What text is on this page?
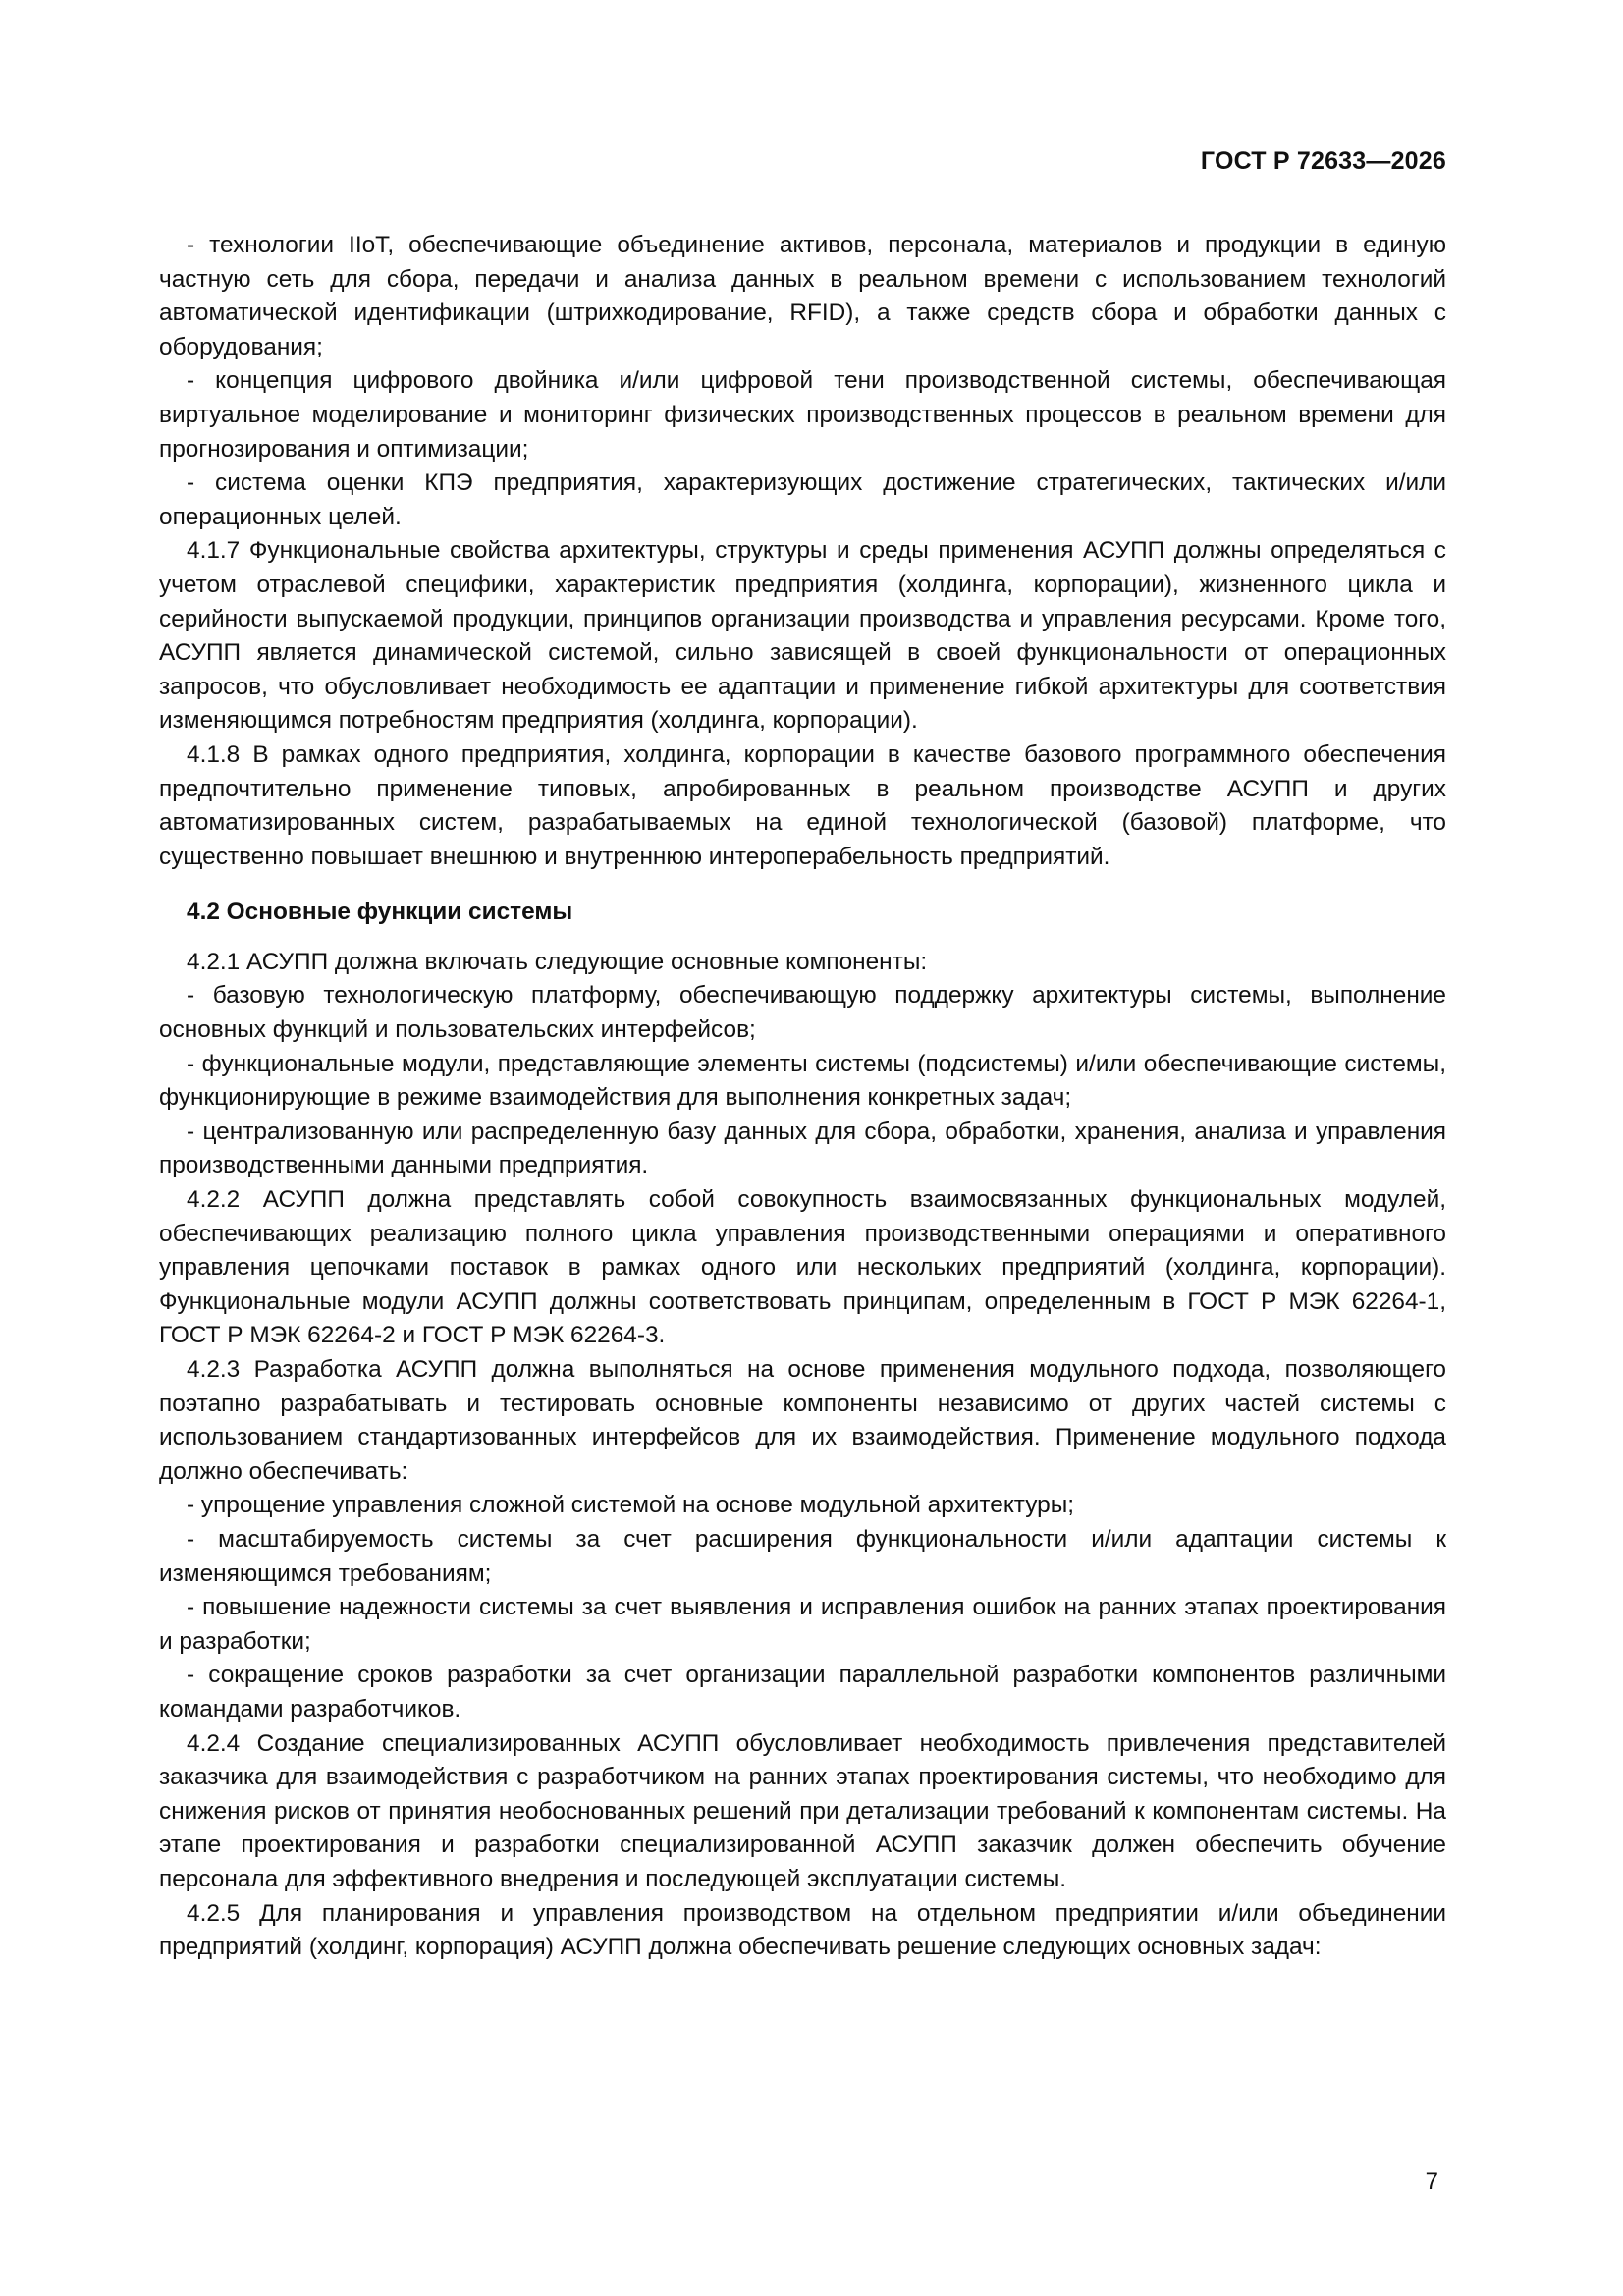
ГОСТ Р 72633—2026

- технологии IIoT, обеспечивающие объединение активов, персонала, материалов и продукции в единую частную сеть для сбора, передачи и анализа данных в реальном времени с использованием технологий автоматической идентификации (штрихкодирование, RFID), а также средств сбора и обработки данных с оборудования;

- концепция цифрового двойника и/или цифровой тени производственной системы, обеспечивающая виртуальное моделирование и мониторинг физических производственных процессов в реальном времени для прогнозирования и оптимизации;

- система оценки КПЭ предприятия, характеризующих достижение стратегических, тактических и/или операционных целей.

4.1.7 Функциональные свойства архитектуры, структуры и среды применения АСУПП должны определяться с учетом отраслевой специфики, характеристик предприятия (холдинга, корпорации), жизненного цикла и серийности выпускаемой продукции, принципов организации производства и управления ресурсами. Кроме того, АСУПП является динамической системой, сильно зависящей в своей функциональности от операционных запросов, что обусловливает необходимость ее адаптации и применение гибкой архитектуры для соответствия изменяющимся потребностям предприятия (холдинга, корпорации).

4.1.8 В рамках одного предприятия, холдинга, корпорации в качестве базового программного обеспечения предпочтительно применение типовых, апробированных в реальном производстве АСУПП и других автоматизированных систем, разрабатываемых на единой технологической (базовой) платформе, что существенно повышает внешнюю и внутреннюю интероперабельность предприятий.

4.2 Основные функции системы

4.2.1 АСУПП должна включать следующие основные компоненты:

- базовую технологическую платформу, обеспечивающую поддержку архитектуры системы, выполнение основных функций и пользовательских интерфейсов;

- функциональные модули, представляющие элементы системы (подсистемы) и/или обеспечивающие системы, функционирующие в режиме взаимодействия для выполнения конкретных задач;

- централизованную или распределенную базу данных для сбора, обработки, хранения, анализа и управления производственными данными предприятия.

4.2.2 АСУПП должна представлять собой совокупность взаимосвязанных функциональных модулей, обеспечивающих реализацию полного цикла управления производственными операциями и оперативного управления цепочками поставок в рамках одного или нескольких предприятий (холдинга, корпорации). Функциональные модули АСУПП должны соответствовать принципам, определенным в ГОСТ Р МЭК 62264-1, ГОСТ Р МЭК 62264-2 и ГОСТ Р МЭК 62264-3.

4.2.3 Разработка АСУПП должна выполняться на основе применения модульного подхода, позволяющего поэтапно разрабатывать и тестировать основные компоненты независимо от других частей системы с использованием стандартизованных интерфейсов для их взаимодействия. Применение модульного подхода должно обеспечивать:

- упрощение управления сложной системой на основе модульной архитектуры;

- масштабируемость системы за счет расширения функциональности и/или адаптации системы к изменяющимся требованиям;

- повышение надежности системы за счет выявления и исправления ошибок на ранних этапах проектирования и разработки;

- сокращение сроков разработки за счет организации параллельной разработки компонентов различными командами разработчиков.

4.2.4 Создание специализированных АСУПП обусловливает необходимость привлечения представителей заказчика для взаимодействия с разработчиком на ранних этапах проектирования системы, что необходимо для снижения рисков от принятия необоснованных решений при детализации требований к компонентам системы. На этапе проектирования и разработки специализированной АСУПП заказчик должен обеспечить обучение персонала для эффективного внедрения и последующей эксплуатации системы.

4.2.5 Для планирования и управления производством на отдельном предприятии и/или объединении предприятий (холдинг, корпорация) АСУПП должна обеспечивать решение следующих основных задач:

7
